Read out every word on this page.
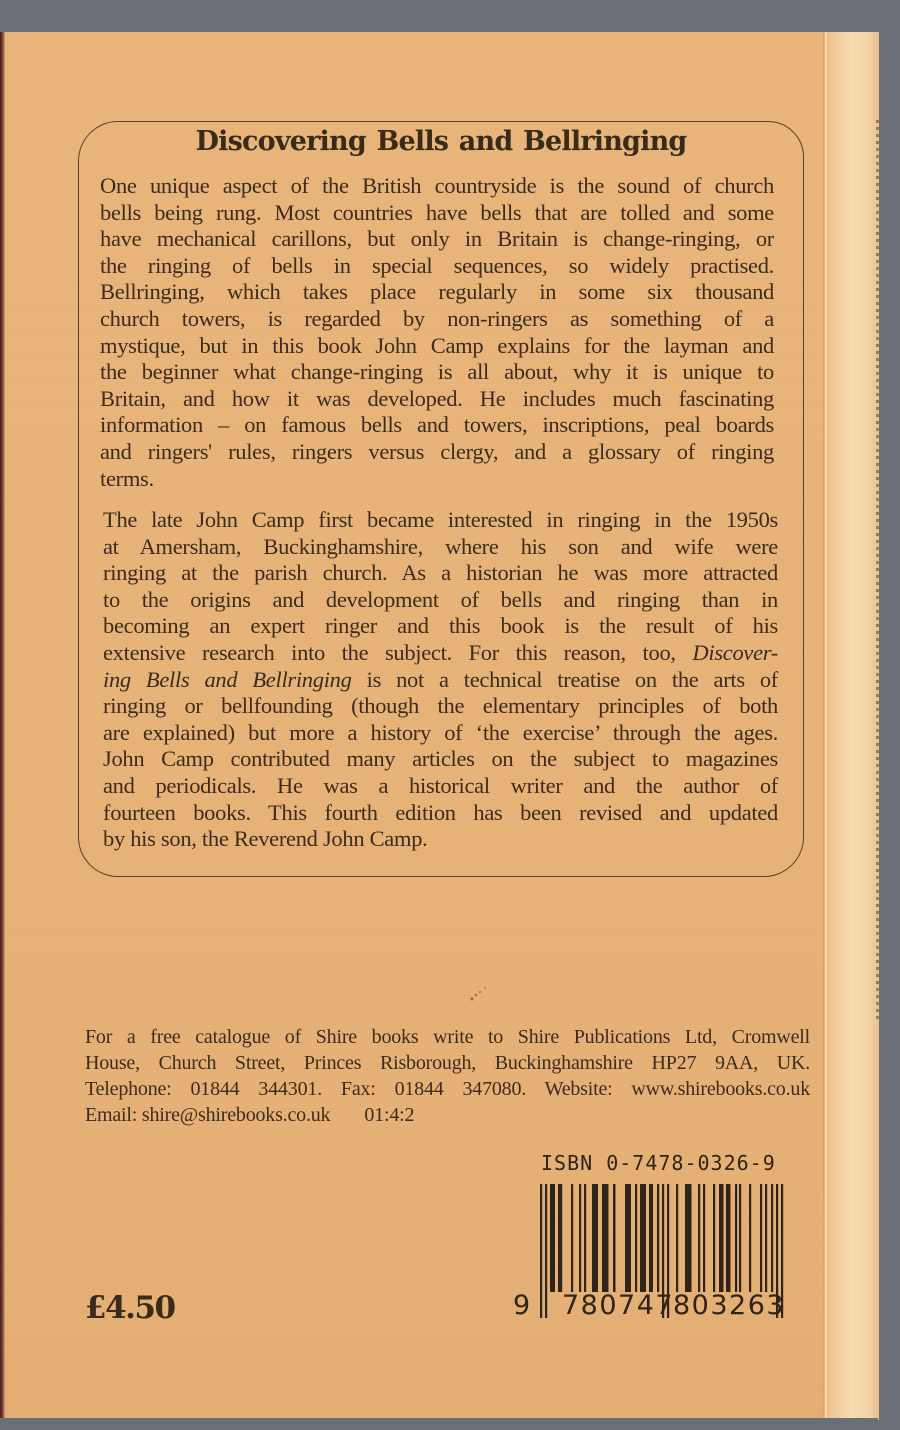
Discovering Bells and Bellringing
One unique aspect of the British countryside is the sound of church
bells being rung. Most countries have bells that are tolled and some
have mechanical carillons, but only in Britain is change-ringing, or
the ringing of bells in special sequences, so widely practised.
Bellringing, which takes place regularly in some six thousand
church towers, is regarded by non-ringers as something of a
mystique, but in this book John Camp explains for the layman and
the beginner what change-ringing is all about, why it is unique to
Britain, and how it was developed. He includes much fascinating
information – on famous bells and towers, inscriptions, peal boards
and ringers' rules, ringers versus clergy, and a glossary of ringing
terms.
The late John Camp first became interested in ringing in the 1950s
at Amersham, Buckinghamshire, where his son and wife were
ringing at the parish church. As a historian he was more attracted
to the origins and development of bells and ringing than in
becoming an expert ringer and this book is the result of his
extensive research into the subject. For this reason, too, Discover-
ing Bells and Bellringing is not a technical treatise on the arts of
ringing or bellfounding (though the elementary principles of both
are explained) but more a history of ‘the exercise’ through the ages.
John Camp contributed many articles on the subject to magazines
and periodicals. He was a historical writer and the author of
fourteen books. This fourth edition has been revised and updated
by his son, the Reverend John Camp.
For a free catalogue of Shire books write to Shire Publications Ltd, Cromwell
House, Church Street, Princes Risborough, Buckinghamshire HP27 9AA, UK.
Telephone: 01844 344301. Fax: 01844 347080. Website: www.shirebooks.co.uk
Email: shire@shirebooks.co.uk 01:4:2
ISBN 0-7478-0326-9
9 780747
803263
£4.50
